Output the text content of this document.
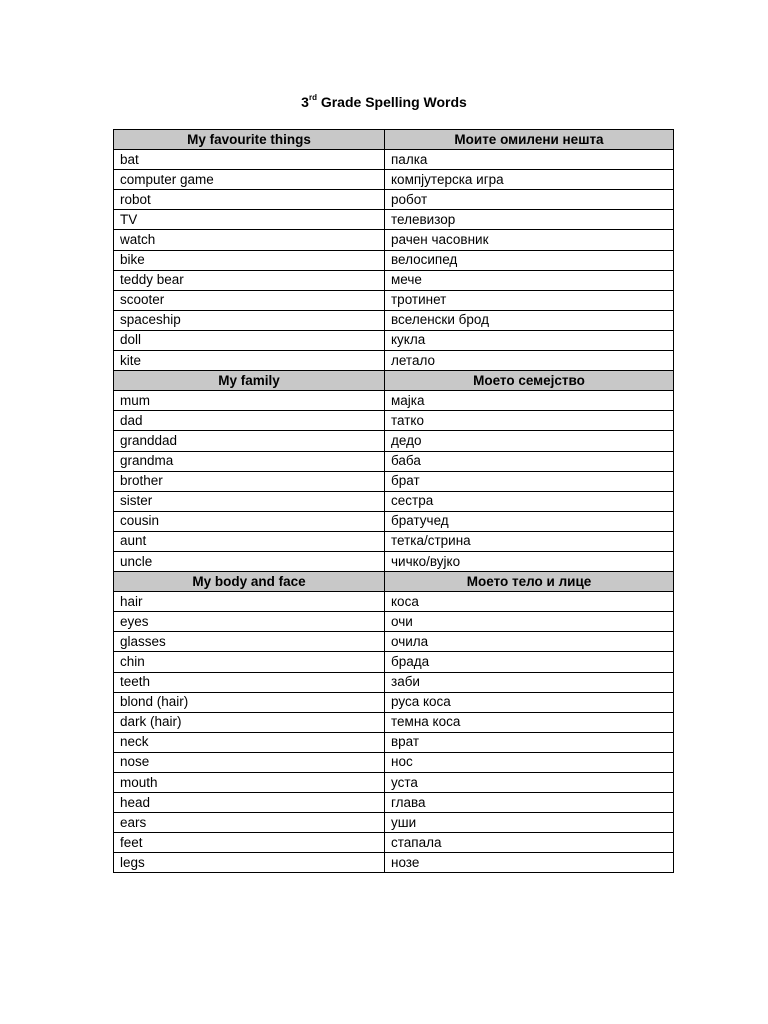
3rd Grade Spelling Words
My favourite things	Моите омилени нешта
bat	палка
computer game	компјутерска игра
robot	робот
TV	телевизор
watch	рачен часовник
bike	велосипед
teddy bear	мече
scooter	тротинет
spaceship	вселенски брод
doll	кукла
kite	летало
My family	Моето семејство
mum	мајка
dad	татко
granddad	дедо
grandma	баба
brother	брат
sister	сестра
cousin	братучед
aunt	тетка/стрина
uncle	чичко/вујко
My body and face	Моето тело и лице
hair	коса
eyes	очи
glasses	очила
chin	брада
teeth	заби
blond (hair)	руса коса
dark (hair)	темна коса
neck	врат
nose	нос
mouth	уста
head	глава
ears	уши
feet	стапала
legs	нозе
